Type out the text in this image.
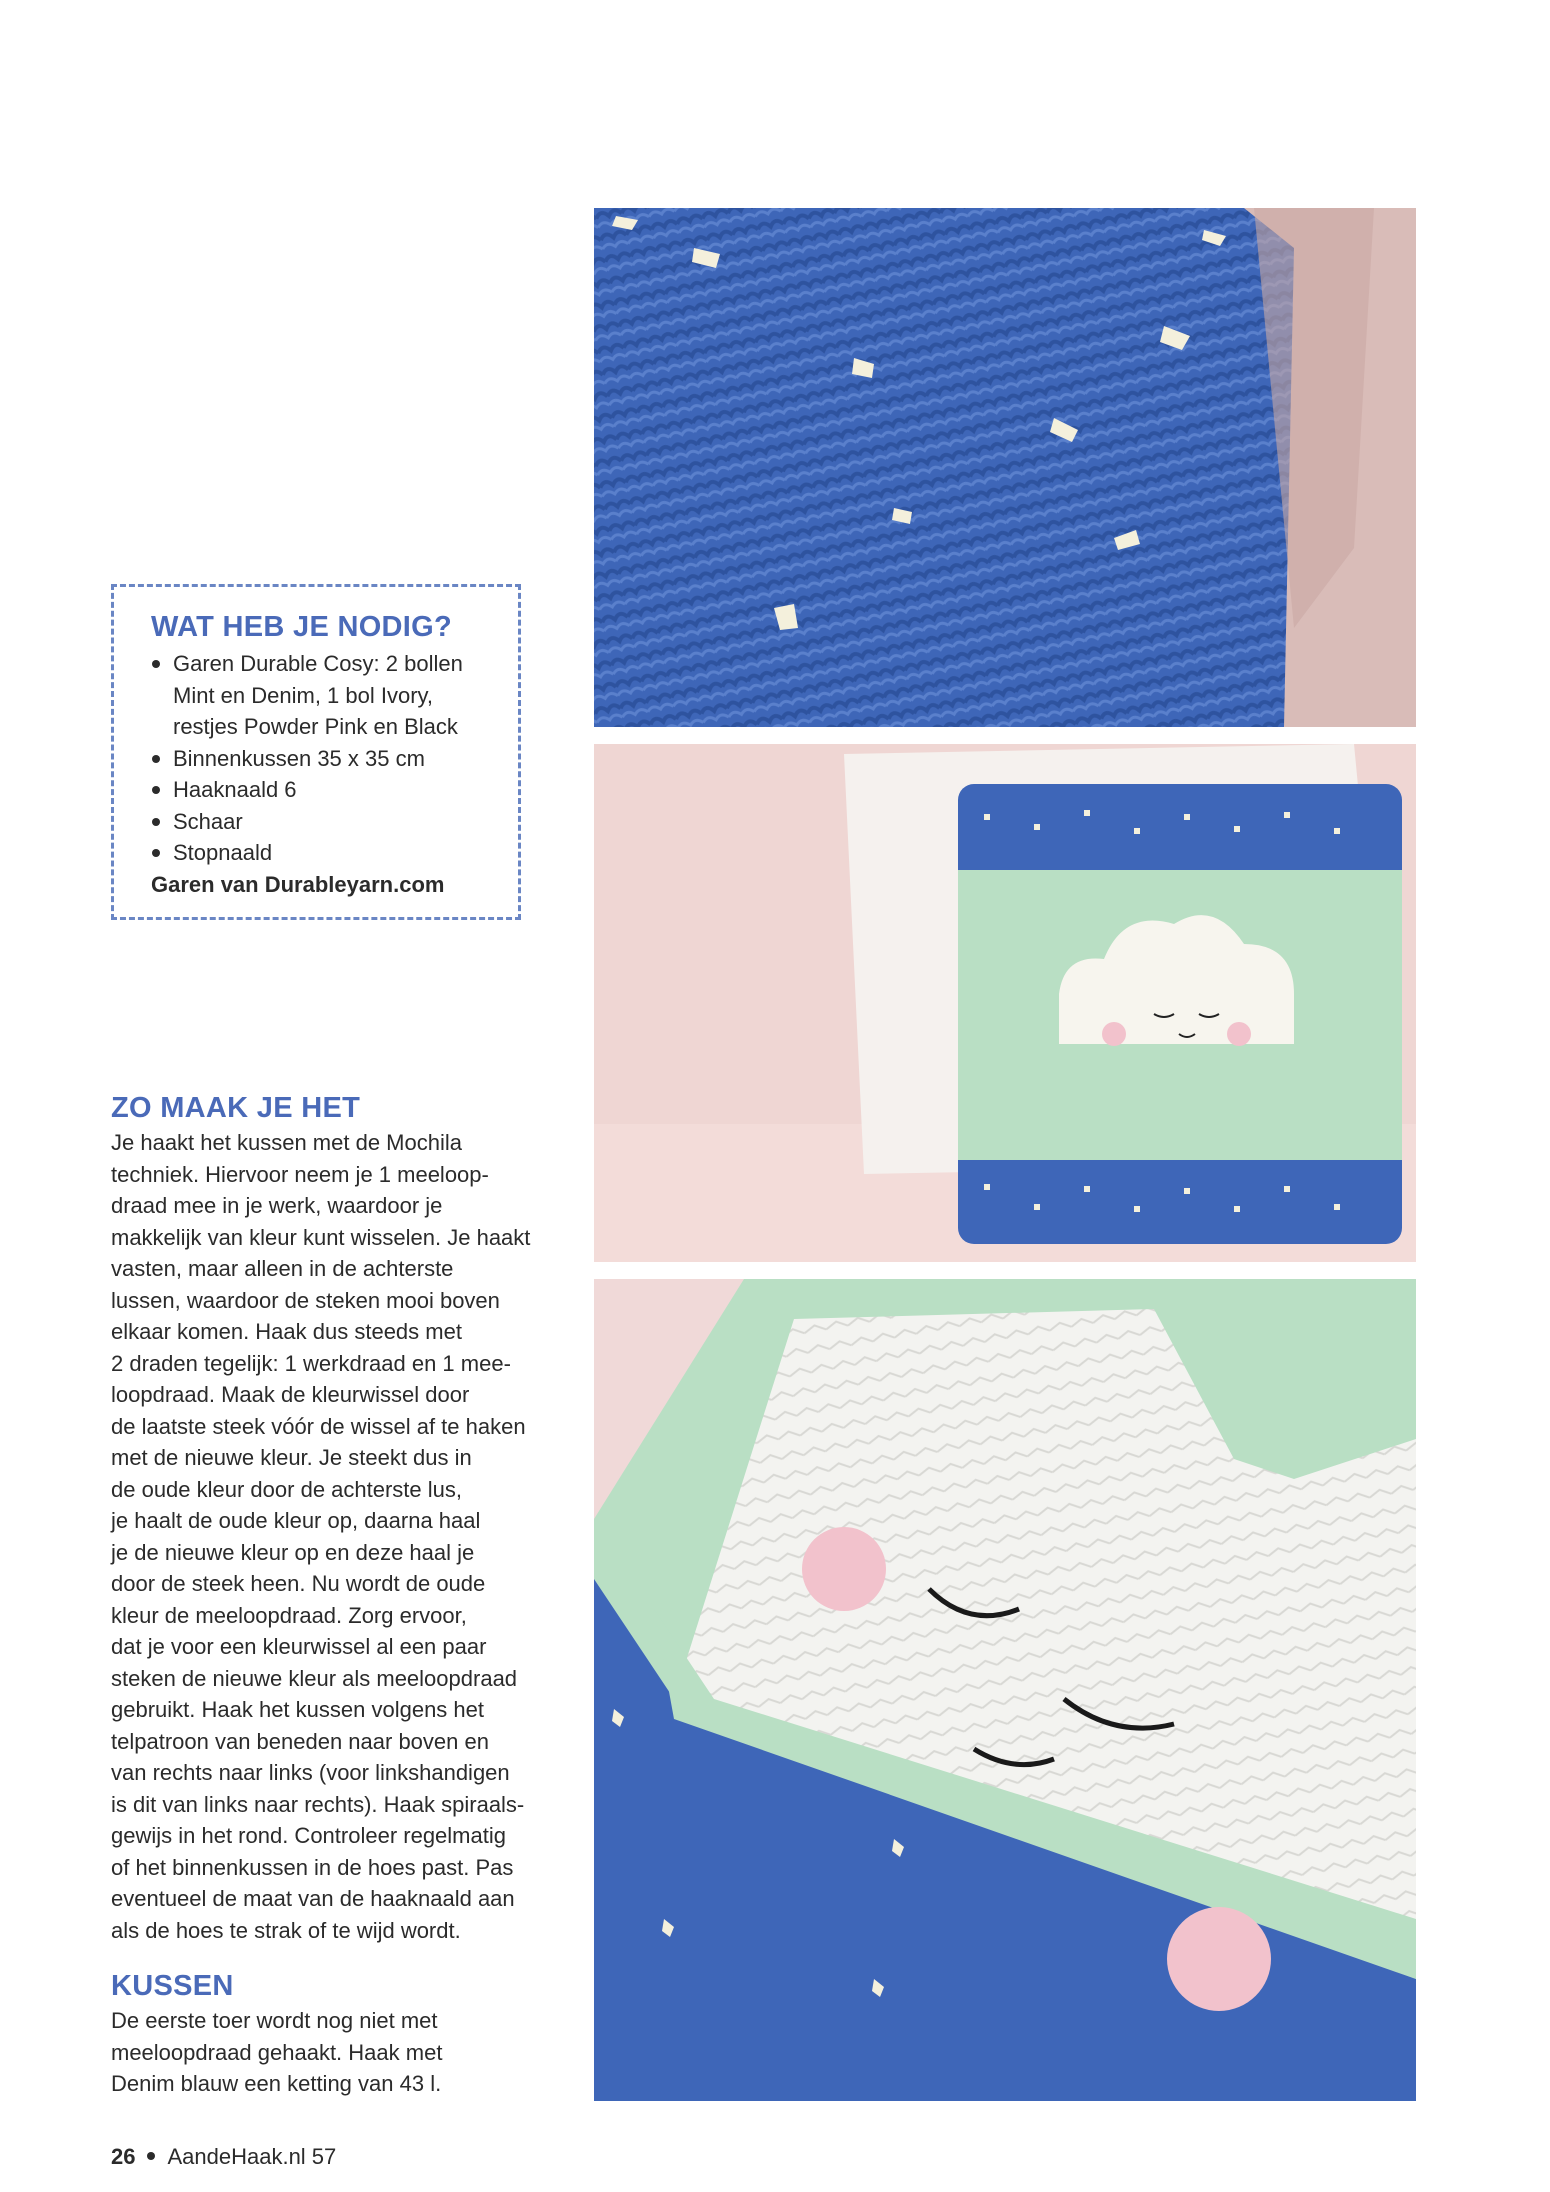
WAT HEB JE NODIG?
Garen Durable Cosy: 2 bollen
Mint en Denim, 1 bol Ivory,
restjes Powder Pink en Black
Binnenkussen 35 x 35 cm
Haaknaald 6
Schaar
Stopnaald

Garen van Durableyarn.com

ZO MAAK JE HET

Je haakt het kussen met de Mochila
techniek. Hiervoor neem je 1 meeloop-
draad mee in je werk, waardoor je
makkelijk van kleur kunt wisselen. Je haakt
vasten, maar alleen in de achterste
lussen, waardoor de steken mooi boven
elkaar komen. Haak dus steeds met
2 draden tegelijk: 1 werkdraad en 1 mee-
loopdraad. Maak de kleurwissel door
de laatste steek vóór de wissel af te haken
met de nieuwe kleur. Je steekt dus in
de oude kleur door de achterste lus,
je haalt de oude kleur op, daarna haal
je de nieuwe kleur op en deze haal je
door de steek heen. Nu wordt de oude
kleur de meeloopdraad. Zorg ervoor,
dat je voor een kleurwissel al een paar
steken de nieuwe kleur als meeloopdraad
gebruikt. Haak het kussen volgens het
telpatroon van beneden naar boven en
van rechts naar links (voor linkshandigen
is dit van links naar rechts). Haak spiraals-
gewijs in het rond. Controleer regelmatig
of het binnenkussen in de hoes past. Pas
eventueel de maat van de haaknaald aan
als de hoes te strak of te wijd wordt.

KUSSEN

De eerste toer wordt nog niet met
meeloopdraad gehaakt. Haak met
Denim blauw een ketting van 43 l.

26 AandeHaak.nl 57
